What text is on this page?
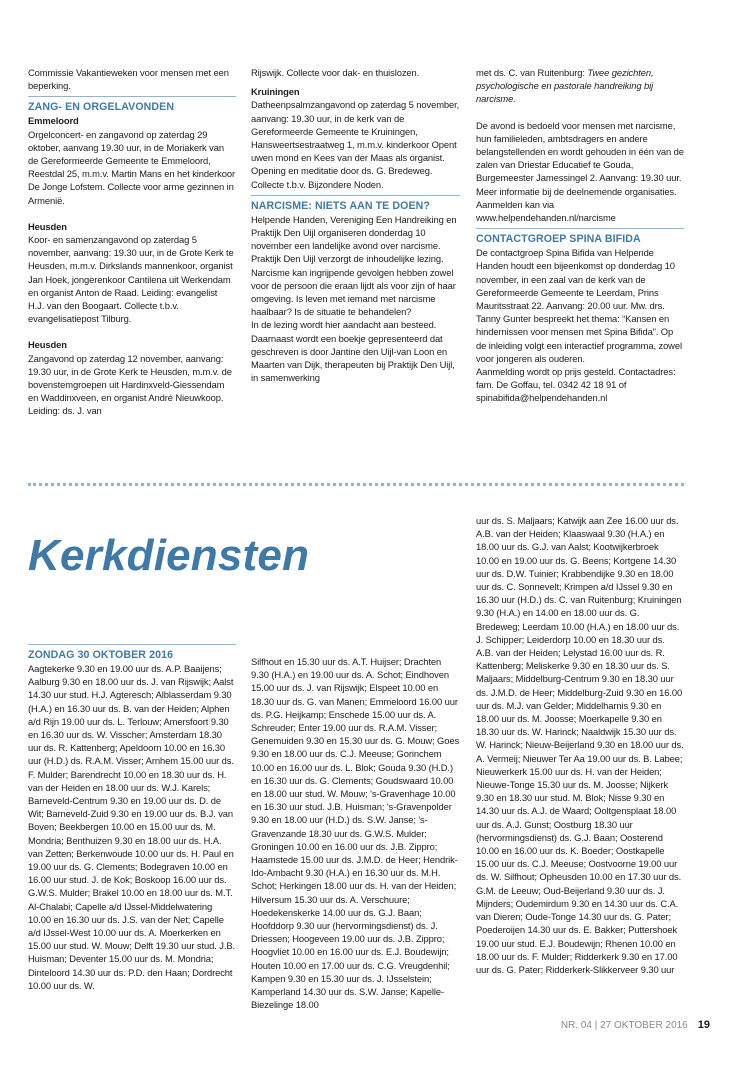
Commissie Vakantieweken voor mensen met een beperking.

ZANG- EN ORGELAVONDEN

Emmeloord

Orgelconcert- en zangavond op zaterdag 29 oktober, aanvang 19.30 uur, in de Moriakerk van de Gereformeerde Gemeente te Emmeloord, Reestdal 25, m.m.v. Martin Mans en het kinderkoor De Jonge Lofstem. Collecte voor arme gezinnen in Armenië.

Heusden

Koor- en samenzangavond op zaterdag 5 november, aanvang: 19.30 uur, in de Grote Kerk te Heusden, m.m.v. Dirkslands mannenkoor, organist Jan Hoek, jongerenkoor Cantilena uit Werkendam en organist Anton de Raad. Leiding: evangelist H.J. van den Boogaart. Collecte t.b.v. evangelisatiepost Tilburg.

Heusden

Zangavond op zaterdag 12 november, aanvang: 19.30 uur, in de Grote Kerk te Heusden, m.m.v. de bovenstemgroepen uit Hardinxveld-Giessendam en Waddinxveen, en organist André Nieuwkoop. Leiding: ds. J. van

Rijswijk. Collecte voor dak- en thuislozen.

Kruiningen

Datheenpsalmzangavond op zaterdag 5 november, aanvang: 19.30 uur, in de kerk van de Gereformeerde Gemeente te Kruiningen, Hansweertsestraatweg 1, m.m.v. kinderkoor Opent uwen mond en Kees van der Maas als organist. Opening en meditatie door ds. G. Bredeweg. Collecte t.b.v. Bijzondere Noden.

NARCISME: NIETS AAN TE DOEN?

Helpende Handen, Vereniging Een Handreiking en Praktijk Den Uijl organiseren donderdag 10 november een landelijke avond over narcisme. Praktijk Den Uijl verzorgt de inhoudelijke lezing.

Narcisme kan ingrijpende gevolgen hebben zowel voor de persoon die eraan lijdt als voor zijn of haar omgeving. Is leven met iemand met narcisme haalbaar? Is de situatie te behandelen?

In de lezing wordt hier aandacht aan besteed. Daarnaast wordt een boekje gepresenteerd dat geschreven is door Jantine den Uijl-van Loon en Maarten van Dijk, therapeuten bij Praktijk Den Uijl, in samenwerking

met ds. C. van Ruitenburg: Twee gezichten, psychologische en pastorale handreiking bij narcisme.

De avond is bedoeld voor mensen met narcisme, hun familieleden, ambtsdragers en andere belangstellenden en wordt gehouden in één van de zalen van Driestar Educatief te Gouda, Burgemeester Jamessingel 2. Aanvang: 19.30 uur. Meer informatie bij de deelnemende organisaties. Aanmelden kan via www.helpendehanden.nl/narcisme

CONTACTGROEP SPINA BIFIDA

De contactgroep Spina Bifida van Helpende Handen houdt een bijeenkomst op donderdag 10 november, in een zaal van de kerk van de Gereformeerde Gemeente te Leerdam, Prins Mauritsstraat 22. Aanvang: 20.00 uur. Mw. drs. Tanny Gunter bespreekt het thema: “Kansen en hindernissen voor mensen met Spina Bifida”. Op de inleiding volgt een interactief programma, zowel voor jongeren als ouderen.

Aanmelding wordt op prijs gesteld. Contactadres: fam. De Goffau, tel. 0342 42 18 91 of spinabifida@helpendehanden.nl

Kerkdiensten

ZONDAG 30 OKTOBER 2016

Aagtekerke 9.30 en 19.00 uur ds. A.P. Baaijens; Aalburg 9.30 en 18.00 uur ds. J. van Rijswijk; Aalst 14.30 uur stud. H.J. Agteresch; Alblasserdam 9.30 (H.A.) en 16.30 uur ds. B. van der Heiden; Alphen a/d Rijn 19.00 uur ds. L. Terlouw; Amersfoort 9.30 en 16.30 uur ds. W. Visscher; Amsterdam 18.30 uur ds. R. Kattenberg; Apeldoorn 10.00 en 16.30 uur (H.D.) ds. R.A.M. Visser; Arnhem 15.00 uur ds. F. Mulder; Barendrecht 10.00 en 18.30 uur ds. H. van der Heiden en 18.00 uur ds. W.J. Karels; Barneveld-Centrum 9.30 en 19.00 uur ds. D. de Wit; Barneveld-Zuid 9.30 en 19.00 uur ds. B.J. van Boven; Beekbergen 10.00 en 15.00 uur ds. M. Mondria; Benthuizen 9.30 en 18.00 uur ds. H.A. van Zetten; Berkenwoude 10.00 uur ds. H. Paul en 19.00 uur ds. G. Clements; Bodegraven 10.00 en 16.00 uur stud. J. de Kok; Boskoop 16.00 uur ds. G.W.S. Mulder; Brakel 10.00 en 18.00 uur ds. M.T. Al-Chalabi; Capelle a/d IJssel-Middelwatering 10.00 en 16.30 uur ds. J.S. van der Net; Capelle a/d IJssel-West 10.00 uur ds. A. Moerkerken en 15.00 uur stud. W. Mouw; Delft 19.30 uur stud. J.B. Huisman; Deventer 15.00 uur ds. M. Mondria; Dinteloord 14.30 uur ds. P.D. den Haan; Dordrecht 10.00 uur ds. W.

Silfhout en 15.30 uur ds. A.T. Huijser; Drachten 9.30 (H.A.) en 19.00 uur ds. A. Schot; Eindhoven 15.00 uur ds. J. van Rijswijk; Elspeet 10.00 en 18.30 uur ds. G. van Manen; Emmeloord 16.00 uur ds. P.G. Heijkamp; Enschede 15.00 uur ds. A. Schreuder; Enter 19.00 uur ds. R.A.M. Visser; Genemuiden 9.30 en 15.30 uur ds. G. Mouw; Goes 9.30 en 18.00 uur ds. C.J. Meeuse; Gorinchem 10.00 en 16.00 uur ds. L. Blok; Gouda 9.30 (H.D.) en 16.30 uur ds. G. Clements; Goudswaard 10.00 en 18.00 uur stud. W. Mouw; 's-Gravenhage 10.00 en 16.30 uur stud. J.B. Huisman; 's-Gravenpolder 9.30 en 18.00 uur (H.D.) ds. S.W. Janse; 's-Gravenzande 18.30 uur ds. G.W.S. Mulder; Groningen 10.00 en 16.00 uur ds. J.B. Zippro; Haamstede 15.00 uur ds. J.M.D. de Heer; Hendrik-Ido-Ambacht 9.30 (H.A.) en 16.30 uur ds. M.H. Schot; Herkingen 18.00 uur ds. H. van der Heiden; Hilversum 15.30 uur ds. A. Verschuure; Hoedekenskerke 14.00 uur ds. G.J. Baan; Hoofddorp 9.30 uur (hervormingsdienst) ds. J. Driessen; Hoogeveen 19.00 uur ds. J.B. Zippro; Hoogvliet 10.00 en 16.00 uur ds. E.J. Boudewijn; Houten 10.00 en 17.00 uur ds. C.G. Vreugdenhil; Kampen 9.30 en 15.30 uur ds. J. IJsselstein; Kamperland 14.30 uur ds. S.W. Janse; Kapelle-Biezelinge 18.00

uur ds. S. Maljaars; Katwijk aan Zee 16.00 uur ds. A.B. van der Heiden; Klaaswaal 9.30 (H.A.) en 18.00 uur ds. G.J. van Aalst; Kootwijkerbroek 10.00 en 19.00 uur ds. G. Beens; Kortgene 14.30 uur ds. D.W. Tuinier; Krabbendijke 9.30 en 18.00 uur ds. C. Sonnevelt; Krimpen a/d IJssel 9.30 en 16.30 uur (H.D.) ds. C. van Ruitenburg; Kruiningen 9.30 (H.A.) en 14.00 en 18.00 uur ds. G. Bredeweg; Leerdam 10.00 (H.A.) en 18.00 uur ds. J. Schipper; Leiderdorp 10.00 en 18.30 uur ds. A.B. van der Heiden; Lelystad 16.00 uur ds. R. Kattenberg; Meliskerke 9.30 en 18.30 uur ds. S. Maljaars; Middelburg-Centrum 9.30 en 18.30 uur ds. J.M.D. de Heer; Middelburg-Zuid 9.30 en 16.00 uur ds. M.J. van Gelder; Middelharnis 9.30 en 18.00 uur ds. M. Joosse; Moerkapelle 9.30 en 18.30 uur ds. W. Harinck; Naaldwijk 15.30 uur ds. W. Harinck; Nieuw-Beijerland 9.30 en 18.00 uur ds. A. Vermeij; Nieuwer Ter Aa 19.00 uur ds. B. Labee; Nieuwerkerk 15.00 uur ds. H. van der Heiden; Nieuwe-Tonge 15.30 uur ds. M. Joosse; Nijkerk 9.30 en 18.30 uur stud. M. Blok; Nisse 9.30 en 14.30 uur ds. A.J. de Waard; Ooltgensplaat 18.00 uur ds. A.J. Gunst; Oostburg 18.30 uur (hervormingsdienst) ds. G.J. Baan; Oosterend 10.00 en 16.00 uur ds. K. Boeder; Oostkapelle 15.00 uur ds. C.J. Meeuse; Oostvoorne 19.00 uur ds. W. Silfhout; Opheusden 10.00 en 17.30 uur ds. G.M. de Leeuw; Oud-Beijerland 9.30 uur ds. J. Mijnders; Oudemirdum 9.30 en 14.30 uur ds. C.A. van Dieren; Oude-Tonge 14.30 uur ds. G. Pater; Poederoijen 14.30 uur ds. E. Bakker; Puttershoek 19.00 uur stud. E.J. Boudewijn; Rhenen 10.00 en 18.00 uur ds. F. Mulder; Ridderkerk 9.30 en 17.00 uur ds. G. Pater; Ridderkerk-Slikkerveer 9.30 uur

NR. 04 | 27 OKTOBER 2016 19
